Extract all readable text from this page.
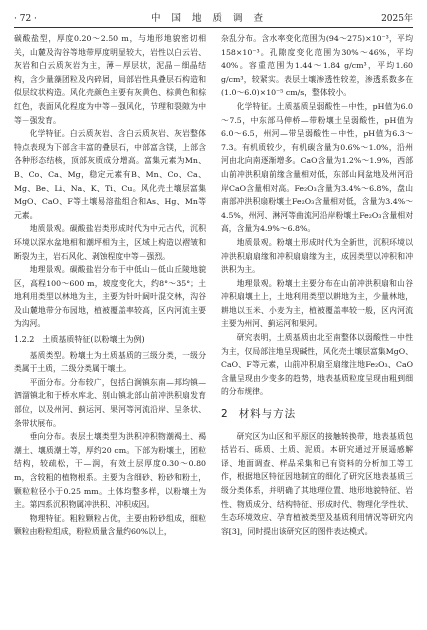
· 72 ·	中 国 地 质 调 查	2025年

碳酸盐型，厚度0.20～2.50 m，与地形地貌密切相关，山麓及沟谷等地带厚度明显较大，岩性以白云岩、灰岩和白云质灰岩为主，薄－厚层状，泥晶－细晶结构，含少量藻团粒及内碎屑，局部岩性具叠层石构造和似层纹状构造。风化壳颜色主要有灰黄色、棕黄色和棕红色，表面风化程度为中等－强风化，节理和裂隙为中等－强发育。

化学特征。白云质灰岩、含白云质灰岩、灰岩整体特点表现为下部含丰富的叠层石，中部富含镁，上部含各种形态结核，顶部灰质成分增高。富集元素为Mn、B、Co、Ca、Mg，稳定元素有B、Mn、Co、Ca、Mg、Be、Li、Na、K、Ti、Cu。风化壳土壤层富集MgO、CaO、F等土壤易溶盐组合和As、Hg、Mn等元素。

地质景观。碳酸盐岩类形成时代为中元古代，沉积环境以深水盆地相和潮坪相为主，区域上构造以褶皱和断裂为主，岩石风化、剥蚀程度中等－强烈。

地理景观。碳酸盐岩分布于中低山－低山丘陵地貌区，高程100～600 m，坡度变化大，约8°～35°；土地利用类型以林地为主，主要为针叶阔叶混交林，沟谷及山麓地带分布园地，植被覆盖率较高，区内河流主要为沟河。

1.2.2　土质基质特征(以粉壤土为例)

基质类型。粉壤土为土质基质的三级分类，一级分类属于土质，二级分类属于壤土。

平面分布。分布较广，包括白涧镇东南—邦均镇—泗溜镇北和于桥水库北、别山镇北部山前冲洪积扇发育部位，以及州河、蓟运河、果河等河流沿岸、呈条状、条带状展布。

垂向分布。表层土壤类型为洪积冲积物潮褐土、褐潮土、壤质潮土等，厚约20 cm。下部为粉壤土，团粒结构，较疏松，干—润，有效土层厚度0.30～0.80 m，含较粗的植物根系。主要为含细砂、粉砂和粉土，颗粒粒径小于0.25 mm。土体均整多样，以粉壤土为主。第四系沉积物属冲洪积、冲积成因。

物理特征。粗粒颗粒占优，主要由粉砂组成，细粒颗粒由粉粒组成，粉粒质量含量约60%以上，

杂乱分布。含水率变化范围为(94～275)×10⁻³，平均158×10⁻³。孔隙度变化范围为30%～46%，平均40%。容重范围为1.44～1.84 g/cm³，平均1.60 g/cm³，较紧实。表层土壤渗透性较差，渗透系数多在(1.0～6.0)×10⁻⁵ cm/s，整体较小。

化学特征。土质基质呈弱酸性－中性，pH值为6.0～7.5，中东部马伸桥—带粉壤土呈弱酸性，pH值为6.0～6.5，州河—带呈弱酸性－中性，pH值为6.3～7.3。有机质较少，有机碳含量为0.6%～1.0%，沿州河由北向南逐渐增多。CaO含量为1.2%～1.9%，西部山前冲洪积扇前缘含量相对低，东部山间盆地及州河沿岸CaO含量相对高。Fe₂O₃含量为3.4%～6.8%，盘山南部冲洪积扇粉壤土Fe₂O₃含量相对低，含量为3.4%～4.5%，州河、淋河等曲流河沿岸粉壤土Fe₂O₃含量相对高，含量为4.9%～6.8%。

地质景观。粉壤土形成时代为全新世，沉积环境以冲洪积扇扇缘和冲积扇扇缘为主，成因类型以冲积和冲洪积为主。

地理景观。粉壤土主要分布在山前冲洪积扇和山谷冲积扇壤土上，土地利用类型以耕地为主，少量林地，耕地以玉米、小麦为主，植被覆盖率较一般，区内河流主要为州河、蓟运河和果河。

研究表明，土质基质由北至南整体以弱酸性－中性为主，仅局部注地呈现碱性，风化壳土壤层富集MgO、CaO、F等元素，山前冲积扇至扇缘注地Fe₂O₃、CaO含量呈现由少变多的趋势，地表基质粒度呈现由粗到细的分布规律。

2 材料与方法

研究区为山区和平原区的接触转换带，地表基质包括岩石、砾质、土质、泥质。本研究通过开展遥感解译、地面调查、样品采集和已有资料的分析加工等工作，根据地区特征因地制宜的细化了研究区地表基质三级分类体系，并明确了其地理位置、地形地貌特征、岩性、物质成分、结构特征、形成时代、物理化学性状、生态环境效应、孕育植被类型及基质利用情况等研究内容[3]，同时提出该研究区的图件表达模式。
